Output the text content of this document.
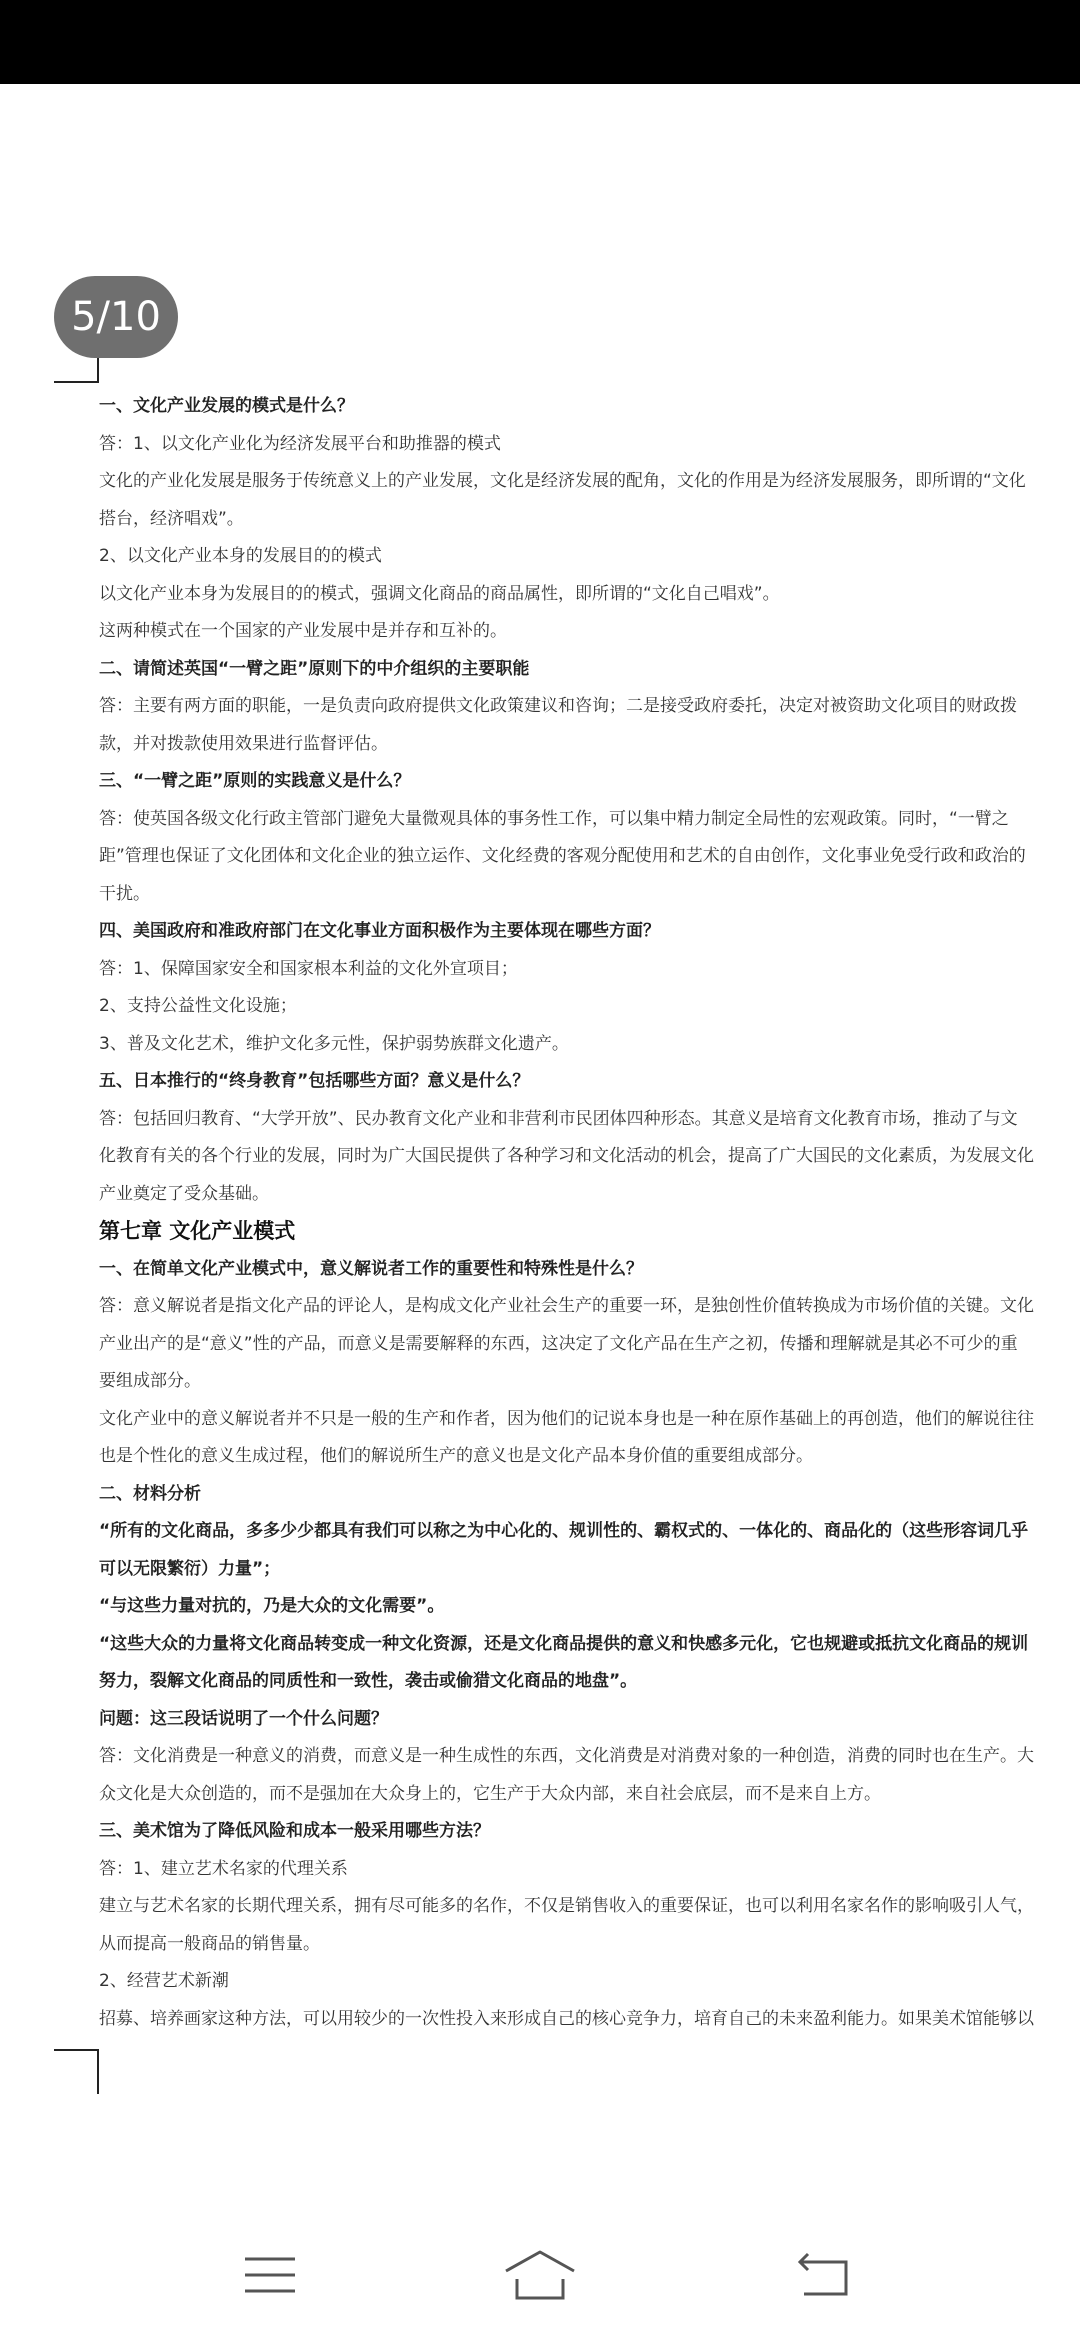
5/10
一、文化产业发展的模式是什么？
答：1、以文化产业化为经济发展平台和助推器的模式
文化的产业化发展是服务于传统意义上的产业发展，文化是经济发展的配角，文化的作用是为经济发展服务，即所谓的“文化
搭台，经济唱戏”。
2、以文化产业本身的发展目的的模式
以文化产业本身为发展目的的模式，强调文化商品的商品属性，即所谓的“文化自己唱戏”。
这两种模式在一个国家的产业发展中是并存和互补的。
二、请简述英国“一臂之距”原则下的中介组织的主要职能
答：主要有两方面的职能，一是负责向政府提供文化政策建议和咨询；二是接受政府委托，决定对被资助文化项目的财政拨
款，并对拨款使用效果进行监督评估。
三、“一臂之距”原则的实践意义是什么？
答：使英国各级文化行政主管部门避免大量微观具体的事务性工作，可以集中精力制定全局性的宏观政策。同时，“一臂之
距”管理也保证了文化团体和文化企业的独立运作、文化经费的客观分配使用和艺术的自由创作，文化事业免受行政和政治的
干扰。
四、美国政府和准政府部门在文化事业方面积极作为主要体现在哪些方面？
答：1、保障国家安全和国家根本利益的文化外宣项目；
2、支持公益性文化设施；
3、普及文化艺术，维护文化多元性，保护弱势族群文化遗产。
五、日本推行的“终身教育”包括哪些方面？意义是什么？
答：包括回归教育、“大学开放”、民办教育文化产业和非营利市民团体四种形态。其意义是培育文化教育市场，推动了与文
化教育有关的各个行业的发展，同时为广大国民提供了各种学习和文化活动的机会，提高了广大国民的文化素质，为发展文化
产业奠定了受众基础。
第七章 文化产业模式
一、在简单文化产业模式中，意义解说者工作的重要性和特殊性是什么？
答：意义解说者是指文化产品的评论人，是构成文化产业社会生产的重要一环，是独创性价值转换成为市场价值的关键。文化
产业出产的是“意义”性的产品，而意义是需要解释的东西，这决定了文化产品在生产之初，传播和理解就是其必不可少的重
要组成部分。
文化产业中的意义解说者并不只是一般的生产和作者，因为他们的记说本身也是一种在原作基础上的再创造，他们的解说往往
也是个性化的意义生成过程，他们的解说所生产的意义也是文化产品本身价值的重要组成部分。
二、材料分析
“所有的文化商品，多多少少都具有我们可以称之为中心化的、规训性的、霸权式的、一体化的、商品化的（这些形容词几乎
可以无限繁衍）力量”；
“与这些力量对抗的，乃是大众的文化需要”。
“这些大众的力量将文化商品转变成一种文化资源，还是文化商品提供的意义和快感多元化，它也规避或抵抗文化商品的规训
努力，裂解文化商品的同质性和一致性，袭击或偷猎文化商品的地盘”。
问题：这三段话说明了一个什么问题？
答：文化消费是一种意义的消费，而意义是一种生成性的东西，文化消费是对消费对象的一种创造，消费的同时也在生产。大
众文化是大众创造的，而不是强加在大众身上的，它生产于大众内部，来自社会底层，而不是来自上方。
三、美术馆为了降低风险和成本一般采用哪些方法？
答：1、建立艺术名家的代理关系
建立与艺术名家的长期代理关系，拥有尽可能多的名作，不仅是销售收入的重要保证，也可以利用名家名作的影响吸引人气，
从而提高一般商品的销售量。
2、经营艺术新潮
招募、培养画家这种方法，可以用较少的一次性投入来形成自己的核心竞争力，培育自己的未来盈利能力。如果美术馆能够以
